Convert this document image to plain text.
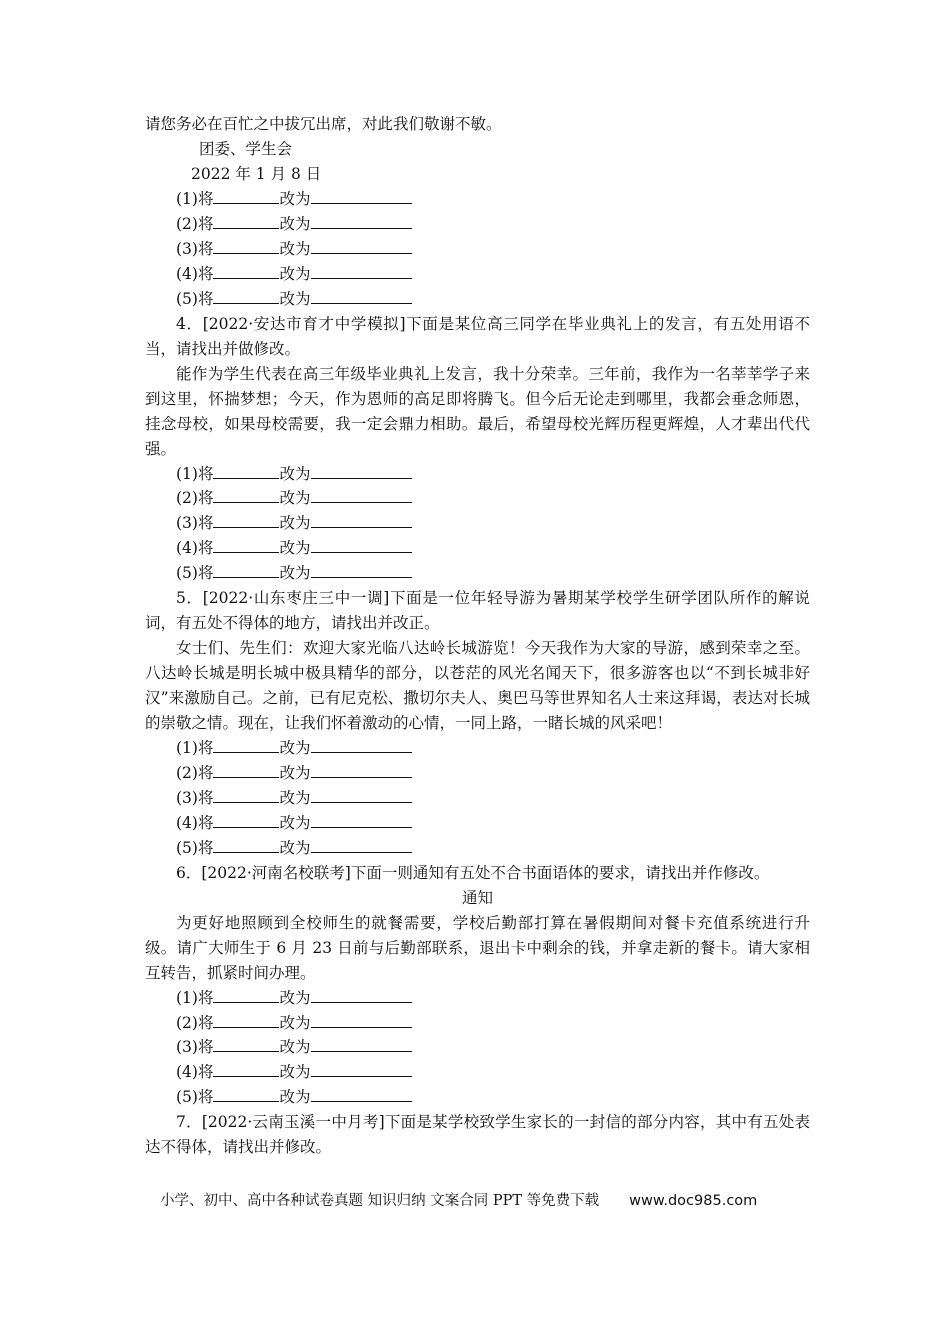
请您务必在百忙之中拔冗出席，对此我们敬谢不敏。
团委、学生会
2022 年 1 月 8 日
(1)将	改为
(2)将	改为
(3)将	改为
(4)将	改为
(5)将	改为
4．[2022·安达市育才中学模拟]下面是某位高三同学在毕业典礼上的发言，有五处用语不当，请找出并做修改。
能作为学生代表在高三年级毕业典礼上发言，我十分荣幸。三年前，我作为一名莘莘学子来到这里，怀揣梦想；今天，作为恩师的高足即将腾飞。但今后无论走到哪里，我都会垂念师恩，挂念母校，如果母校需要，我一定会鼎力相助。最后，希望母校光辉历程更辉煌，人才辈出代代强。
(1)将	改为
(2)将	改为
(3)将	改为
(4)将	改为
(5)将	改为
5．[2022·山东枣庄三中一调]下面是一位年轻导游为暑期某学校学生研学团队所作的解说词，有五处不得体的地方，请找出并改正。
女士们、先生们：欢迎大家光临八达岭长城游览！今天我作为大家的导游，感到荣幸之至。八达岭长城是明长城中极具精华的部分，以苍茫的风光名闻天下，很多游客也以“不到长城非好汉”来激励自己。之前，已有尼克松、撒切尔夫人、奥巴马等世界知名人士来这拜谒，表达对长城的崇敬之情。现在，让我们怀着激动的心情，一同上路，一睹长城的风采吧！
(1)将	改为
(2)将	改为
(3)将	改为
(4)将	改为
(5)将	改为
6．[2022·河南名校联考]下面一则通知有五处不合书面语体的要求，请找出并作修改。
通知
为更好地照顾到全校师生的就餐需要，学校后勤部打算在暑假期间对餐卡充值系统进行升级。请广大师生于 6 月 23 日前与后勤部联系，退出卡中剩余的钱，并拿走新的餐卡。请大家相互转告，抓紧时间办理。
(1)将	改为
(2)将	改为
(3)将	改为
(4)将	改为
(5)将	改为
7．[2022·云南玉溪一中月考]下面是某学校致学生家长的一封信的部分内容，其中有五处表达不得体，请找出并修改。
小学、初中、高中各种试卷真题 知识归纳 文案合同 PPT 等免费下载 www.doc985.com
